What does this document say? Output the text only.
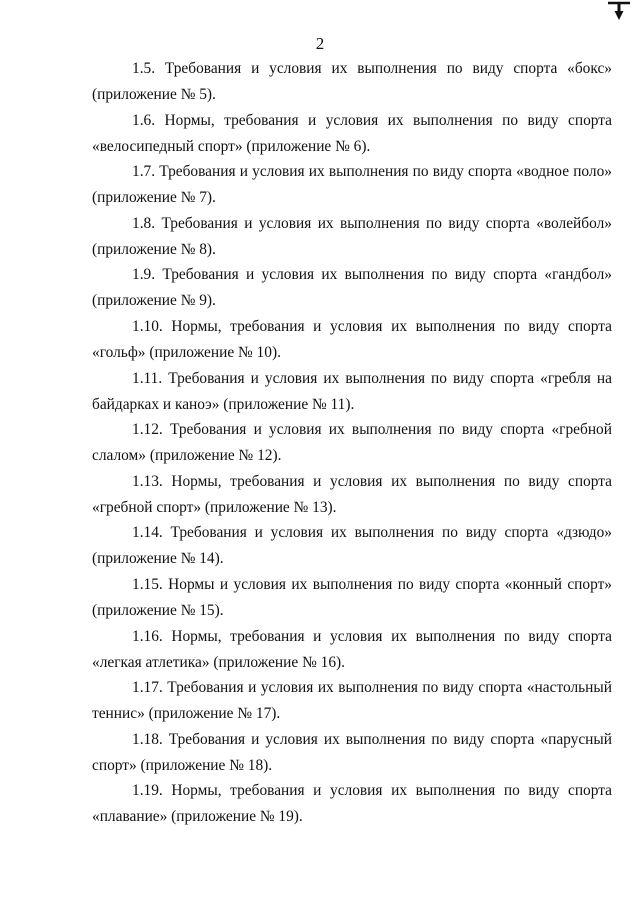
2
1.5. Требования и условия их выполнения по виду спорта «бокс»
(приложение № 5).
1.6. Нормы, требования и условия их выполнения по виду спорта
«велосипедный спорт» (приложение № 6).
1.7. Требования и условия их выполнения по виду спорта «водное поло»
(приложение № 7).
1.8. Требования и условия их выполнения по виду спорта «волейбол»
(приложение № 8).
1.9. Требования и условия их выполнения по виду спорта «гандбол»
(приложение № 9).
1.10. Нормы, требования и условия их выполнения по виду спорта
«гольф» (приложение № 10).
1.11. Требования и условия их выполнения по виду спорта «гребля на
байдарках и каноэ» (приложение № 11).
1.12. Требования и условия их выполнения по виду спорта «гребной
слалом» (приложение № 12).
1.13. Нормы, требования и условия их выполнения по виду спорта
«гребной спорт» (приложение № 13).
1.14. Требования и условия их выполнения по виду спорта «дзюдо»
(приложение № 14).
1.15. Нормы и условия их выполнения по виду спорта «конный спорт»
(приложение № 15).
1.16. Нормы, требования и условия их выполнения по виду спорта
«легкая атлетика» (приложение № 16).
1.17. Требования и условия их выполнения по виду спорта «настольный
теннис» (приложение № 17).
1.18. Требования и условия их выполнения по виду спорта «парусный
спорт» (приложение № 18).
1.19. Нормы, требования и условия их выполнения по виду спорта
«плавание» (приложение № 19).
